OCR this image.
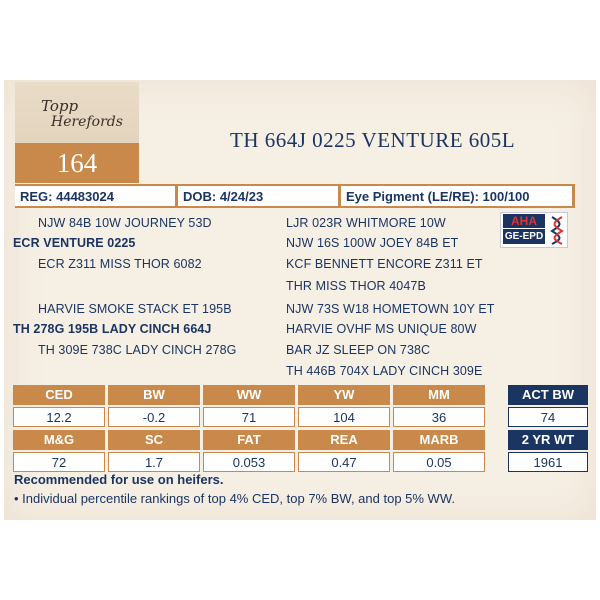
Topp
Herefords
164
TH 664J 0225 VENTURE 605L
REG: 44483024	DOB: 4/24/23	Eye Pigment (LE/RE): 100/100
NJW 84B 10W JOURNEY 53D
ECR VENTURE 0225
ECR Z311 MISS THOR 6082
HARVIE SMOKE STACK ET 195B
TH 278G 195B LADY CINCH 664J
TH 309E 738C LADY CINCH 278G
LJR 023R WHITMORE 10W
NJW 16S 100W JOEY 84B ET
KCF BENNETT ENCORE Z311 ET
THR MISS THOR 4047B
NJW 73S W18 HOMETOWN 10Y ET
HARVIE OVHF MS UNIQUE 80W
BAR JZ SLEEP ON 738C
TH 446B 704X LADY CINCH 309E
AHA
GE-EPD
CED	BW	WW	YW	MM	ACT BW
12.2	-0.2	71	104	36	74
M&G	SC	FAT	REA	MARB	2 YR WT
72	1.7	0.053	0.47	0.05	1961
Recommended for use on heifers.
• Individual percentile rankings of top 4% CED, top 7% BW, and top 5% WW.
